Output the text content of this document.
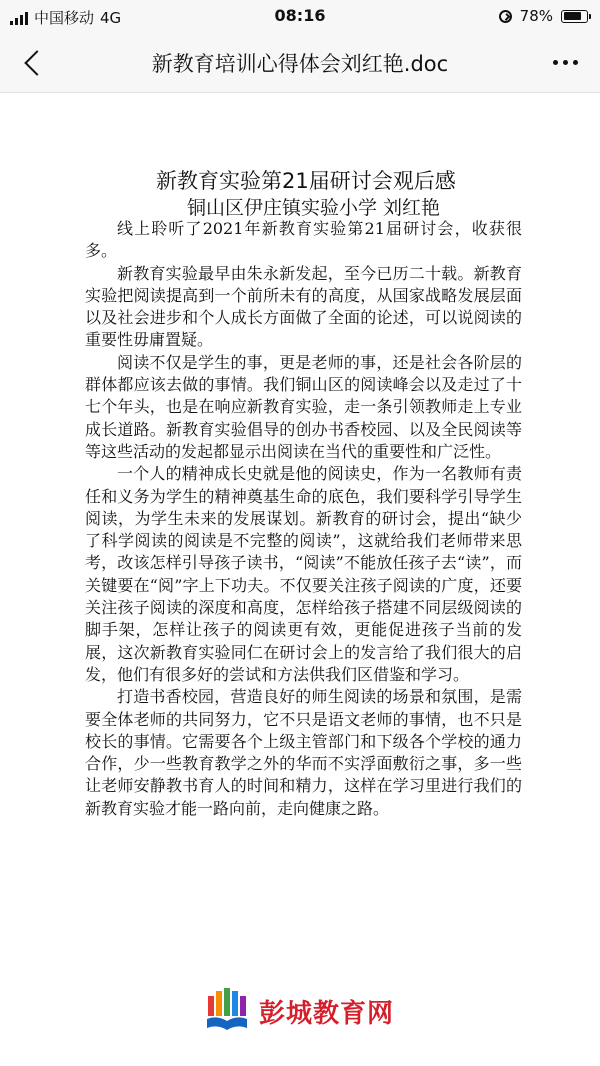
中国移动 4G	08:16	78%
新教育培训心得体会刘红艳.doc
新教育实验第21届研讨会观后感
铜山区伊庄镇实验小学 刘红艳

线上聆听了2021年新教育实验第21届研讨会，收获很多。

新教育实验最早由朱永新发起，至今已历二十载。新教育实验把阅读提高到一个前所未有的高度，从国家战略发展层面以及社会进步和个人成长方面做了全面的论述，可以说阅读的重要性毋庸置疑。

阅读不仅是学生的事，更是老师的事，还是社会各阶层的群体都应该去做的事情。我们铜山区的阅读峰会以及走过了十七个年头，也是在响应新教育实验，走一条引领教师走上专业成长道路。新教育实验倡导的创办书香校园、以及全民阅读等等这些活动的发起都显示出阅读在当代的重要性和广泛性。

一个人的精神成长史就是他的阅读史，作为一名教师有责任和义务为学生的精神奠基生命的底色，我们要科学引导学生阅读，为学生未来的发展谋划。新教育的研讨会，提出“缺少了科学阅读的阅读是不完整的阅读”，这就给我们老师带来思考，改该怎样引导孩子读书，“阅读”不能放任孩子去“读”，而关键要在“阅”字上下功夫。不仅要关注孩子阅读的广度，还要关注孩子阅读的深度和高度，怎样给孩子搭建不同层级阅读的脚手架，怎样让孩子的阅读更有效，更能促进孩子当前的发展，这次新教育实验同仁在研讨会上的发言给了我们很大的启发，他们有很多好的尝试和方法供我们区借鉴和学习。

打造书香校园，营造良好的师生阅读的场景和氛围，是需要全体老师的共同努力，它不只是语文老师的事情，也不只是校长的事情。它需要各个上级主管部门和下级各个学校的通力合作，少一些教育教学之外的华而不实浮面敷衍之事，多一些让老师安静教书育人的时间和精力，这样在学习里进行我们的新教育实验才能一路向前，走向健康之路。

彭城教育网
